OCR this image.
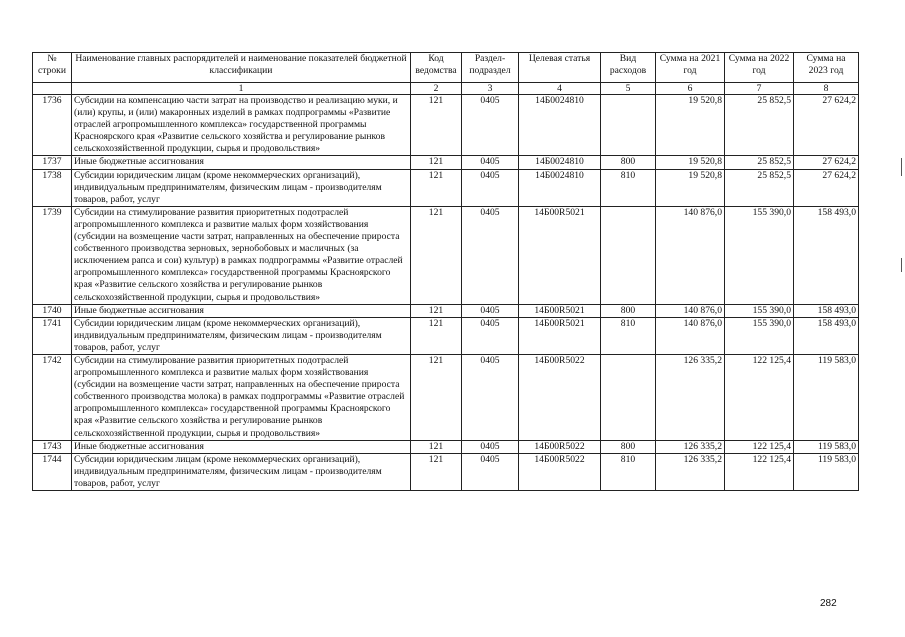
№ строки	Наименование главных распорядителей и наименование показателей бюджетной классификации	Код ведомства	Раздел-подраздел	Целевая статья	Вид расходов	Сумма на 2021 год	Сумма на 2022 год	Сумма на 2023 год
	1	2	3	4	5	6	7	8
1736	Субсидии на компенсацию части затрат на производство и реализацию муки, и (или) крупы, и (или) макаронных изделий в рамках подпрограммы «Развитие отраслей агропромышленного комплекса» государственной программы Красноярского края «Развитие сельского хозяйства и регулирование рынков сельскохозяйственной продукции, сырья и продовольствия»	121	0405	14Б0024810		19 520,8	25 852,5	27 624,2
1737	Иные бюджетные ассигнования	121	0405	14Б0024810	800	19 520,8	25 852,5	27 624,2
1738	Субсидии юридическим лицам (кроме некоммерческих организаций), индивидуальным предпринимателям, физическим лицам - производителям товаров, работ, услуг	121	0405	14Б0024810	810	19 520,8	25 852,5	27 624,2
1739	Субсидии на стимулирование развития приоритетных подотраслей агропромышленного комплекса и развитие малых форм хозяйствования (субсидии на возмещение части затрат, направленных на обеспечение прироста собственного производства зерновых, зернобобовых и масличных (за исключением рапса и сои) культур) в рамках подпрограммы «Развитие отраслей агропромышленного комплекса» государственной программы Красноярского края «Развитие сельского хозяйства и регулирование рынков сельскохозяйственной продукции, сырья и продовольствия»	121	0405	14Б00R5021		140 876,0	155 390,0	158 493,0
1740	Иные бюджетные ассигнования	121	0405	14Б00R5021	800	140 876,0	155 390,0	158 493,0
1741	Субсидии юридическим лицам (кроме некоммерческих организаций), индивидуальным предпринимателям, физическим лицам - производителям товаров, работ, услуг	121	0405	14Б00R5021	810	140 876,0	155 390,0	158 493,0
1742	Субсидии на стимулирование развития приоритетных подотраслей агропромышленного комплекса и развитие малых форм хозяйствования (субсидии на возмещение части затрат, направленных на обеспечение прироста собственного производства молока) в рамках подпрограммы «Развитие отраслей агропромышленного комплекса» государственной программы Красноярского края «Развитие сельского хозяйства и регулирование рынков сельскохозяйственной продукции, сырья и продовольствия»	121	0405	14Б00R5022		126 335,2	122 125,4	119 583,0
1743	Иные бюджетные ассигнования	121	0405	14Б00R5022	800	126 335,2	122 125,4	119 583,0
1744	Субсидии юридическим лицам (кроме некоммерческих организаций), индивидуальным предпринимателям, физическим лицам - производителям товаров, работ, услуг	121	0405	14Б00R5022	810	126 335,2	122 125,4	119 583,0
282
